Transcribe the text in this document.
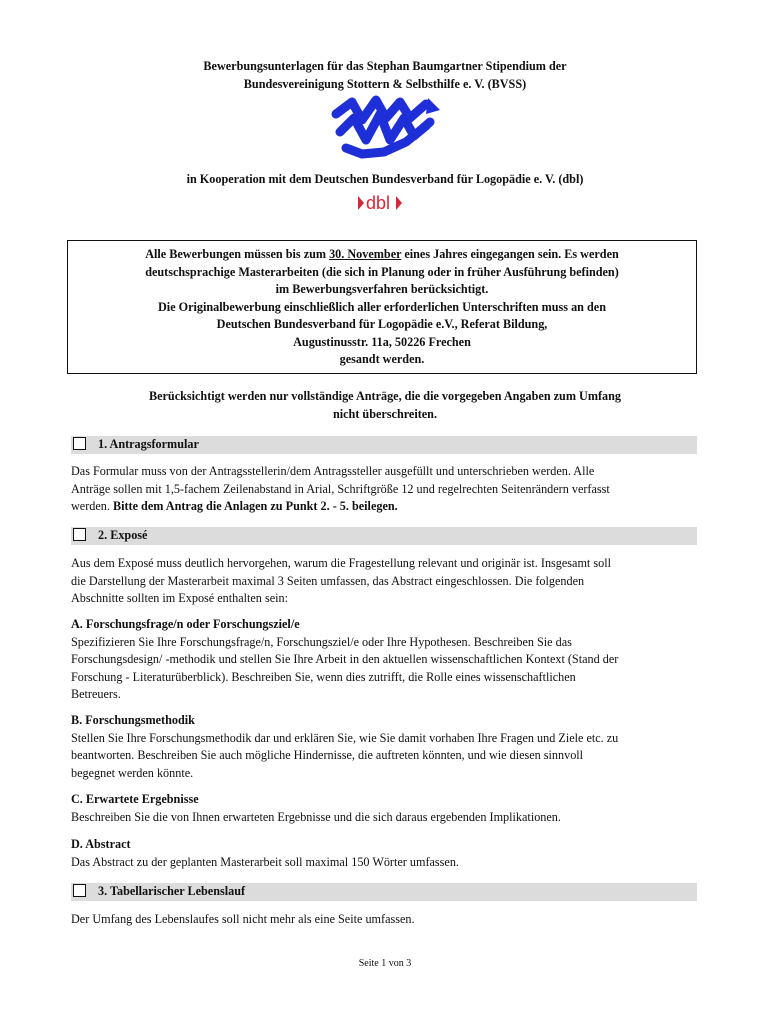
Bewerbungsunterlagen für das Stephan Baumgartner Stipendium der
Bundesvereinigung Stottern & Selbsthilfe e. V. (BVSS)
in Kooperation mit dem Deutschen Bundesverband für Logopädie e. V. (dbl)
dbl

Alle Bewerbungen müssen bis zum 30. November eines Jahres eingegangen sein. Es werden

deutschsprachige Masterarbeiten (die sich in Planung oder in früher Ausführung befinden)

im Bewerbungsverfahren berücksichtigt.

Die Originalbewerbung einschließlich aller erforderlichen Unterschriften muss an den

Deutschen Bundesverband für Logopädie e.V., Referat Bildung,

Augustinusstr. 11a, 50226 Frechen

gesandt werden.

Berücksichtigt werden nur vollständige Anträge, die die vorgegeben Angaben zum Umfang
nicht überschreiten.
1. Antragsformular

Das Formular muss von der Antragsstellerin/dem Antragssteller ausgefüllt und unterschrieben werden. Alle

Anträge sollen mit 1,5-fachem Zeilenabstand in Arial, Schriftgröße 12 und regelrechten Seitenrändern verfasst

werden. Bitte dem Antrag die Anlagen zu Punkt 2. - 5. beilegen.

2. Exposé

Aus dem Exposé muss deutlich hervorgehen, warum die Fragestellung relevant und originär ist. Insgesamt soll

die Darstellung der Masterarbeit maximal 3 Seiten umfassen, das Abstract eingeschlossen. Die folgenden

Abschnitte sollten im Exposé enthalten sein:

A. Forschungsfrage/n oder Forschungsziel/e

Spezifizieren Sie Ihre Forschungsfrage/n, Forschungsziel/e oder Ihre Hypothesen. Beschreiben Sie das

Forschungsdesign/ -methodik und stellen Sie Ihre Arbeit in den aktuellen wissenschaftlichen Kontext (Stand der

Forschung - Literaturüberblick). Beschreiben Sie, wenn dies zutrifft, die Rolle eines wissenschaftlichen

Betreuers.

B. Forschungsmethodik

Stellen Sie Ihre Forschungsmethodik dar und erklären Sie, wie Sie damit vorhaben Ihre Fragen und Ziele etc. zu

beantworten. Beschreiben Sie auch mögliche Hindernisse, die auftreten könnten, und wie diesen sinnvoll

begegnet werden könnte.

C. Erwartete Ergebnisse

Beschreiben Sie die von Ihnen erwarteten Ergebnisse und die sich daraus ergebenden Implikationen.

D. Abstract

Das Abstract zu der geplanten Masterarbeit soll maximal 150 Wörter umfassen.

3. Tabellarischer Lebenslauf

Der Umfang des Lebenslaufes soll nicht mehr als eine Seite umfassen.

Seite 1 von 3
